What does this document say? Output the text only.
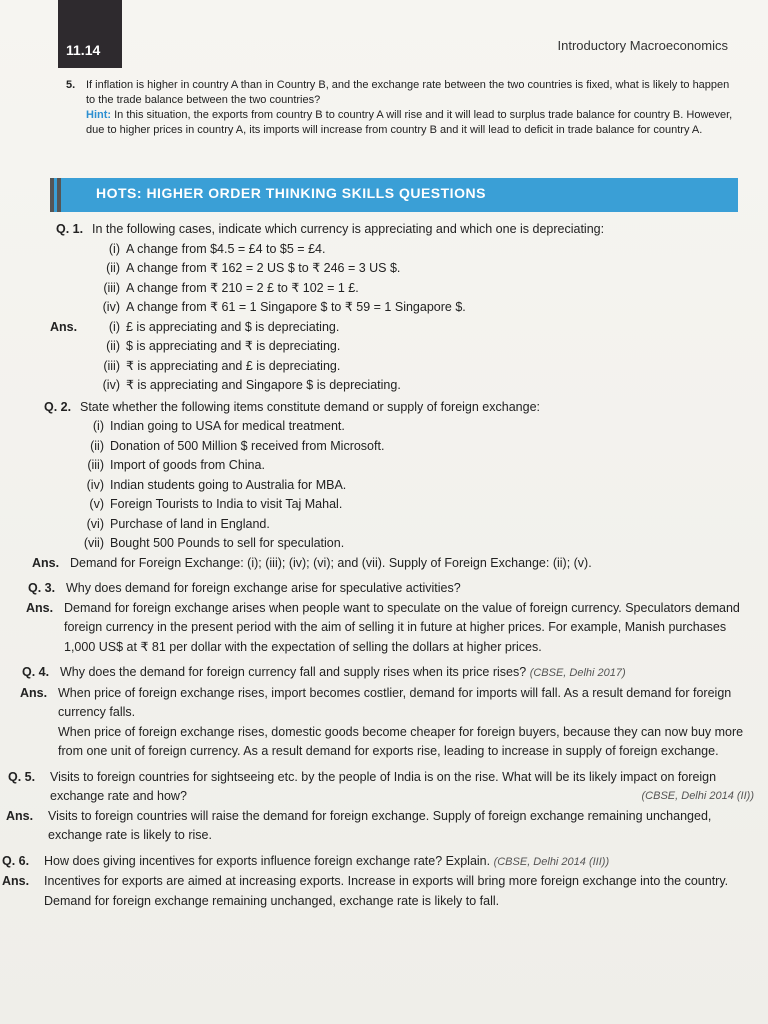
11.14	Introductory Macroeconomics
5. If inflation is higher in country A than in Country B, and the exchange rate between the two countries is fixed, what is likely to happen to the trade balance between the two countries?
Hint: In this situation, the exports from country B to country A will rise and it will lead to surplus trade balance for country B. However, due to higher prices in country A, its imports will increase from country B and it will lead to deficit in trade balance for country A.
HOTS: HIGHER ORDER THINKING SKILLS QUESTIONS
Q. 1. In the following cases, indicate which currency is appreciating and which one is depreciating:
(i) A change from $4.5 = £4 to $5 = £4.
(ii) A change from ₹ 162 = 2 US $ to ₹ 246 = 3 US $.
(iii) A change from ₹ 210 = 2 £ to ₹ 102 = 1 £.
(iv) A change from ₹ 61 = 1 Singapore $ to ₹ 59 = 1 Singapore $.
Ans.	(i) £ is appreciating and $ is depreciating.
(ii) $ is appreciating and ₹ is depreciating.
(iii) ₹ is appreciating and £ is depreciating.
(iv) ₹ is appreciating and Singapore $ is depreciating.
Q. 2. State whether the following items constitute demand or supply of foreign exchange:
(i) Indian going to USA for medical treatment.
(ii) Donation of 500 Million $ received from Microsoft.
(iii) Import of goods from China.
(iv) Indian students going to Australia for MBA.
(v) Foreign Tourists to India to visit Taj Mahal.
(vi) Purchase of land in England.
(vii) Bought 500 Pounds to sell for speculation.
Ans. Demand for Foreign Exchange: (i); (iii); (iv); (vi); and (vii). Supply of Foreign Exchange: (ii); (v).
Q. 3. Why does demand for foreign exchange arise for speculative activities?
Ans. Demand for foreign exchange arises when people want to speculate on the value of foreign currency. Speculators demand foreign currency in the present period with the aim of selling it in future at higher prices. For example, Manish purchases 1,000 US$ at ₹ 81 per dollar with the expectation of selling the dollars at higher prices.
Q. 4. Why does the demand for foreign currency fall and supply rises when its price rises? (CBSE, Delhi 2017)
Ans. When price of foreign exchange rises, import becomes costlier, demand for imports will fall. As a result demand for foreign currency falls.
When price of foreign exchange rises, domestic goods become cheaper for foreign buyers, because they can now buy more from one unit of foreign currency. As a result demand for exports rise, leading to increase in supply of foreign exchange.
Q. 5. Visits to foreign countries for sightseeing etc. by the people of India is on the rise. What will be its likely impact on foreign exchange rate and how?	(CBSE, Delhi 2014 (II))
Ans. Visits to foreign countries will raise the demand for foreign exchange. Supply of foreign exchange remaining unchanged, exchange rate is likely to rise.
Q. 6. How does giving incentives for exports influence foreign exchange rate? Explain. (CBSE, Delhi 2014 (III))
Ans. Incentives for exports are aimed at increasing exports. Increase in exports will bring more foreign exchange into the country. Demand for foreign exchange remaining unchanged, exchange rate is likely to fall.
